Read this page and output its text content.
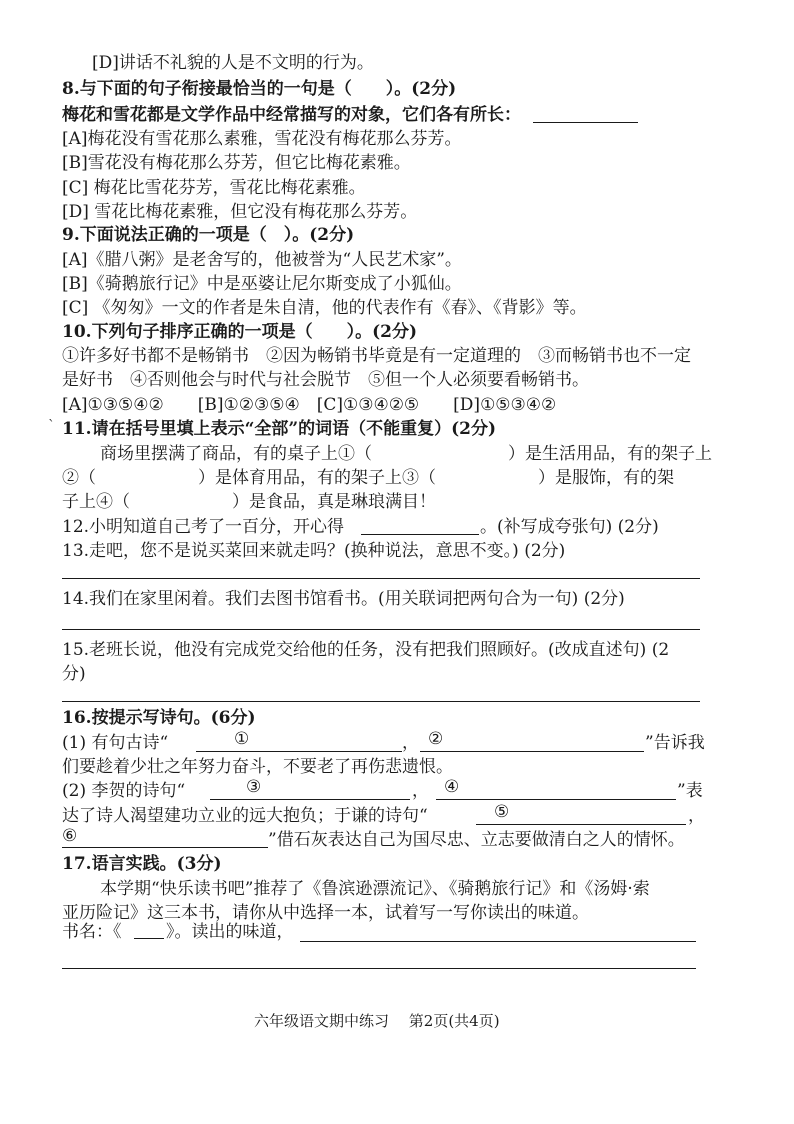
[D]讲话不礼貌的人是不文明的行为。
8.与下面的句子衔接最恰当的一句是（　　）。(2分)
梅花和雪花都是文学作品中经常描写的对象，它们各有所长：
[A]梅花没有雪花那么素雅，雪花没有梅花那么芬芳。
[B]雪花没有梅花那么芬芳，但它比梅花素雅。
[C] 梅花比雪花芬芳，雪花比梅花素雅。
[D] 雪花比梅花素雅，但它没有梅花那么芬芳。
9.下面说法正确的一项是（　）。(2分)
[A]《腊八粥》是老舍写的，他被誉为“人民艺术家”。
[B]《骑鹅旅行记》中是巫婆让尼尔斯变成了小狐仙。
[C] 《匆匆》一文的作者是朱自清，他的代表作有《春》、《背影》等。
10.下列句子排序正确的一项是（　　）。(2分)
①许多好书都不是畅销书　②因为畅销书毕竟是有一定道理的　③而畅销书也不一定
是好书　④否则他会与时代与社会脱节　⑤但一个人必须要看畅销书。
[A]①③⑤④②　　[B]①②③⑤④　[C]①③④②⑤　　[D]①⑤③④②
` 11.请在括号里填上表示“全部”的词语（不能重复）(2分)
商场里摆满了商品，有的桌子上①（　　　　　　　　）是生活用品，有的架子上
②（　　　　　　）是体育用品，有的架子上③（　　　　　　）是服饰，有的架
子上④（　　　　　　）是食品，真是琳琅满目！
12.小明知道自己考了一百分，开心得	。(补写成夸张句) (2分)
13.走吧，您不是说买菜回来就走吗？(换种说法，意思不变。) (2分)
14.我们在家里闲着。我们去图书馆看书。(用关联词把两句合为一句) (2分)
15.老班长说，他没有完成党交给他的任务，没有把我们照顾好。(改成直述句) (2
分)
16.按提示写诗句。(6分)
(1) 有句古诗“	①	， ②	”告诉我
们要趁着少壮之年努力奋斗，不要老了再伤悲遗恨。
(2) 李贺的诗句“	③	， ④	”表
达了诗人渴望建功立业的远大抱负；于谦的诗句“	⑤	，
⑥	”借石灰表达自己为国尽忠、立志要做清白之人的情怀。
17.语言实践。(3分)
本学期“快乐读书吧”推荐了《鲁滨逊漂流记》、《骑鹅旅行记》和《汤姆·索
亚历险记》这三本书，请你从中选择一本，试着写一写你读出的味道。
书名：《	》。读出的味道，
六年级语文期中练习　 第2页(共4页)
